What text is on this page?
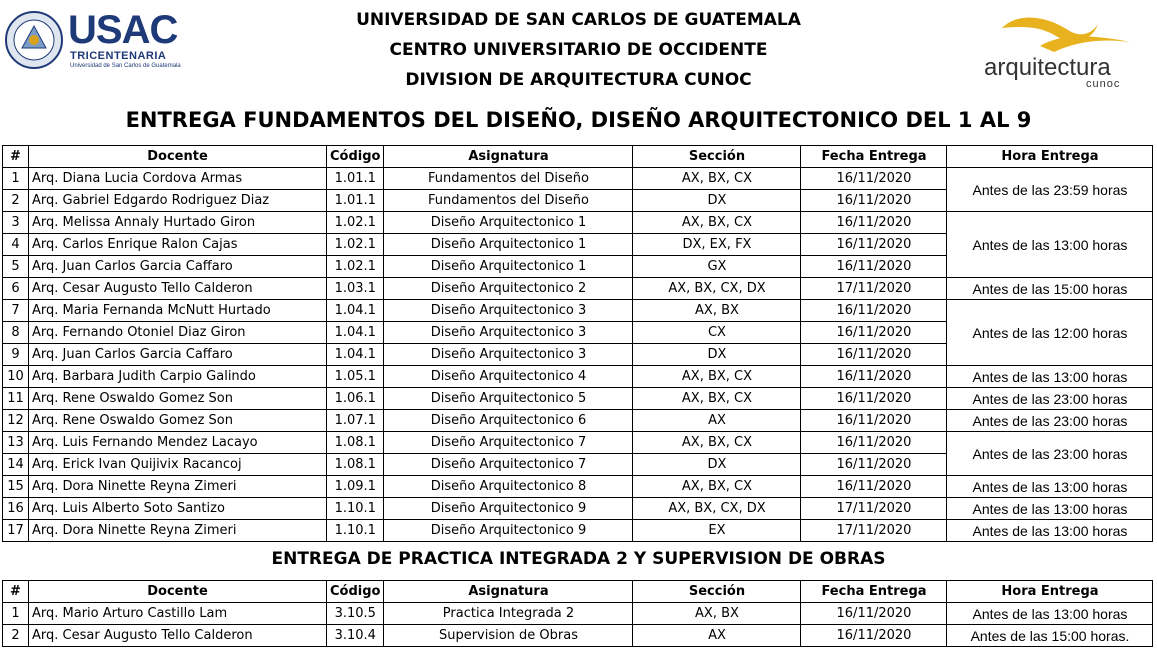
USAC
TRICENTENARIA
Universidad de San Carlos de Guatemala
UNIVERSIDAD DE SAN CARLOS DE GUATEMALA
CENTRO UNIVERSITARIO DE OCCIDENTE
DIVISION DE ARQUITECTURA CUNOC	arquitectura
cunoc
ENTREGA FUNDAMENTOS DEL DISEÑO, DISEÑO ARQUITECTONICO DEL 1 AL 9
#	Docente	Código	Asignatura	Sección	Fecha Entrega	Hora Entrega
1	Arq. Diana Lucia Cordova Armas	1.01.1	Fundamentos del Diseño	AX, BX, CX	16/11/2020	Antes de las 23:59 horas
2	Arq. Gabriel Edgardo Rodriguez Diaz	1.01.1	Fundamentos del Diseño	DX	16/11/2020	
3	Arq. Melissa Annaly Hurtado Giron	1.02.1	Diseño Arquitectonico 1	AX, BX, CX	16/11/2020	Antes de las 13:00 horas
4	Arq. Carlos Enrique Ralon Cajas	1.02.1	Diseño Arquitectonico 1	DX, EX, FX	16/11/2020	
5	Arq. Juan Carlos Garcia Caffaro	1.02.1	Diseño Arquitectonico 1	GX	16/11/2020	
6	Arq. Cesar Augusto Tello Calderon	1.03.1	Diseño Arquitectonico 2	AX, BX, CX, DX	17/11/2020	Antes de las 15:00 horas
7	Arq. Maria Fernanda McNutt Hurtado	1.04.1	Diseño Arquitectonico 3	AX, BX	16/11/2020	Antes de las 12:00 horas
8	Arq. Fernando Otoniel Diaz Giron	1.04.1	Diseño Arquitectonico 3	CX	16/11/2020	
9	Arq. Juan Carlos Garcia Caffaro	1.04.1	Diseño Arquitectonico 3	DX	16/11/2020	
10	Arq. Barbara Judith Carpio Galindo	1.05.1	Diseño Arquitectonico 4	AX, BX, CX	16/11/2020	Antes de las 13:00 horas
11	Arq. Rene Oswaldo Gomez Son	1.06.1	Diseño Arquitectonico 5	AX, BX, CX	16/11/2020	Antes de las 23:00 horas
12	Arq. Rene Oswaldo Gomez Son	1.07.1	Diseño Arquitectonico 6	AX	16/11/2020	Antes de las 23:00 horas
13	Arq. Luis Fernando Mendez Lacayo	1.08.1	Diseño Arquitectonico 7	AX, BX, CX	16/11/2020	Antes de las 23:00 horas
14	Arq. Erick Ivan Quijivix Racancoj	1.08.1	Diseño Arquitectonico 7	DX	16/11/2020	
15	Arq. Dora Ninette Reyna Zimeri	1.09.1	Diseño Arquitectonico 8	AX, BX, CX	16/11/2020	Antes de las 13:00 horas
16	Arq. Luis Alberto Soto Santizo	1.10.1	Diseño Arquitectonico 9	AX, BX, CX, DX	17/11/2020	Antes de las 13:00 horas
17	Arq. Dora Ninette Reyna Zimeri	1.10.1	Diseño Arquitectonico 9	EX	17/11/2020	Antes de las 13:00 horas
ENTREGA DE PRACTICA INTEGRADA 2 Y SUPERVISION DE OBRAS
#	Docente	Código	Asignatura	Sección	Fecha Entrega	Hora Entrega
1	Arq. Mario Arturo Castillo Lam	3.10.5	Practica Integrada 2	AX, BX	16/11/2020	Antes de las 13:00 horas
2	Arq. Cesar Augusto Tello Calderon	3.10.4	Supervision de Obras	AX	16/11/2020	Antes de las 15:00 horas.
